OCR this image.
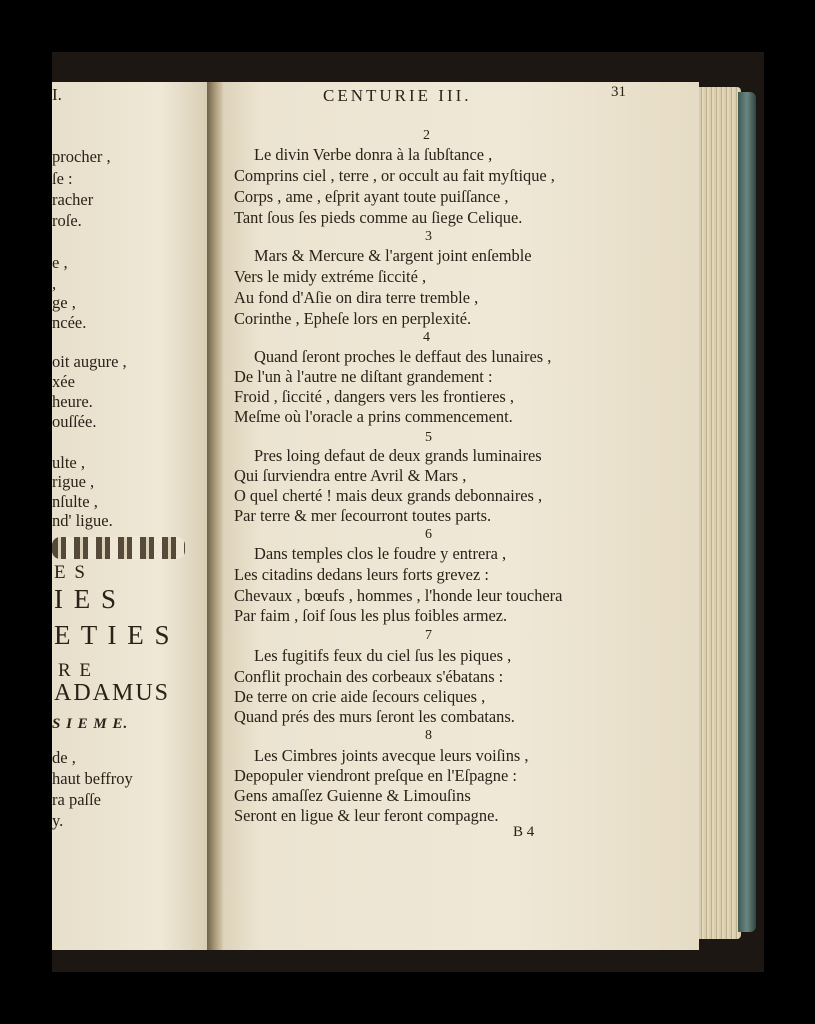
I.
procher ,
ſe :
racher
roſe.
e ,
,
ge ,
ncée.
oit augure ,
xée
heure.
ouſſée.
ulte ,
rigue ,
nſulte ,
nd' ligue.
E S
I E S
E T I E S
R E
ADAMUS
S I E M E.
de ,
haut beffroy
ra paſſe
y.
CENTURIE III.	31
2
Le divin Verbe donra à la ſubſtance ,
Comprins ciel , terre , or occult au fait myſtique ,
Corps , ame , eſprit ayant toute puiſſance ,
Tant ſous ſes pieds comme au ſiege Celique.
3
Mars & Mercure & l'argent joint enſemble
Vers le midy extréme ſiccité ,
Au fond d'Aſie on dira terre tremble ,
Corinthe , Epheſe lors en perplexité.
4
Quand ſeront proches le deffaut des lunaires ,
De l'un à l'autre ne diſtant grandement :
Froid , ſiccité , dangers vers les frontieres ,
Meſme où l'oracle a prins commencement.
5
Pres loing defaut de deux grands luminaires
Qui ſurviendra entre Avril & Mars ,
O quel cherté ! mais deux grands debonnaires ,
Par terre & mer ſecourront toutes parts.
6
Dans temples clos le foudre y entrera ,
Les citadins dedans leurs forts grevez :
Chevaux , bœufs , hommes , l'honde leur touchera
Par faim , ſoif ſous les plus foibles armez.
7
Les fugitifs feux du ciel ſus les piques ,
Conflit prochain des corbeaux s'ébatans :
De terre on crie aide ſecours celiques ,
Quand prés des murs ſeront les combatans.
8
Les Cimbres joints avecque leurs voiſins ,
Depopuler viendront preſque en l'Eſpagne :
Gens amaſſez Guienne & Limouſins
Seront en ligue & leur feront compagne.
B 4
